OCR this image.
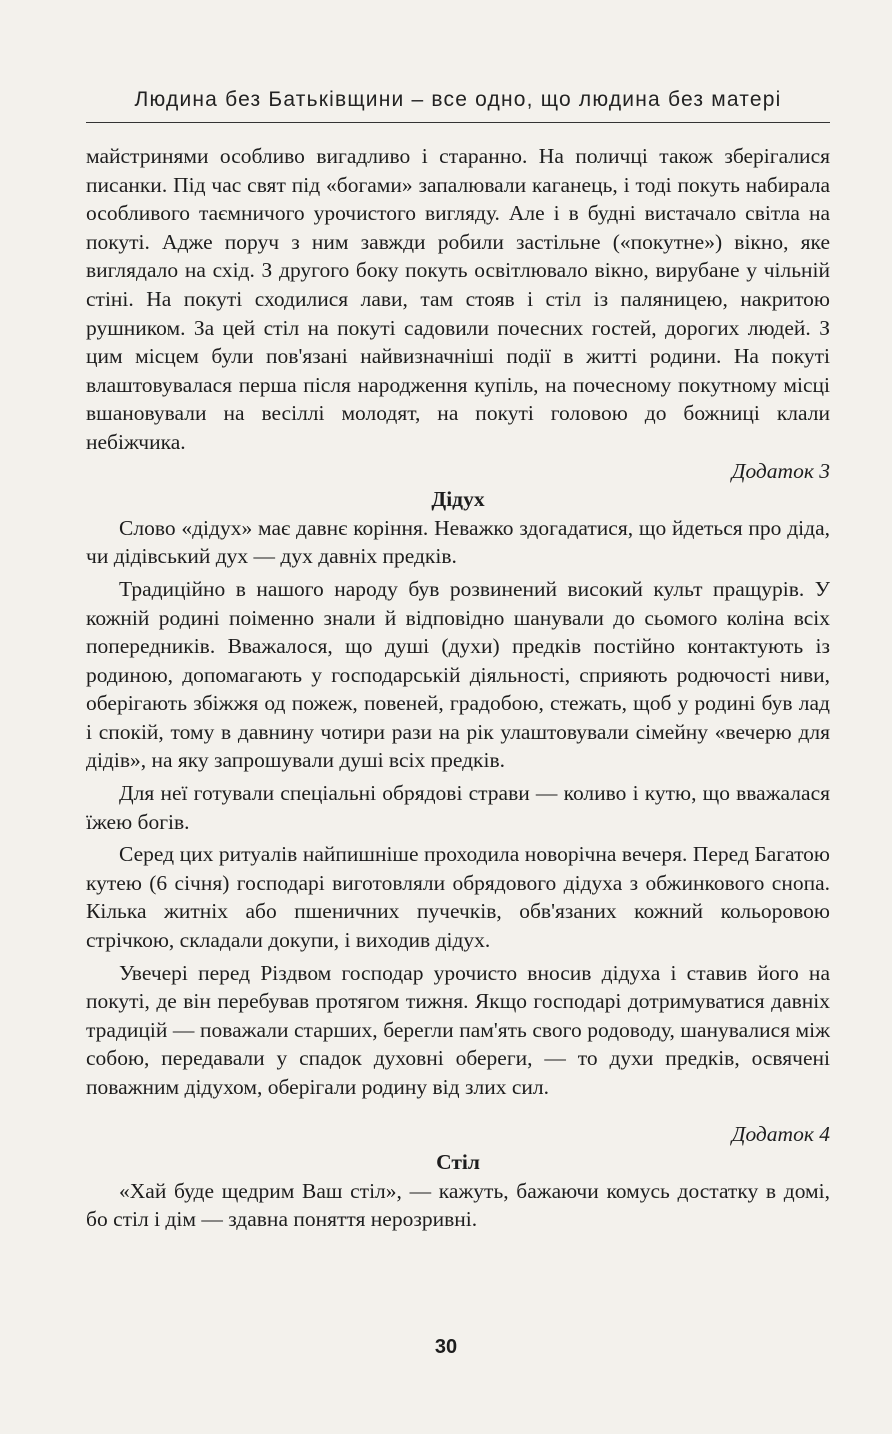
Людина без Батьківщини – все одно, що людина без матері

майстринями особливо вигадливо і старанно. На поличці також зберігалися писанки. Під час свят під «богами» запалювали каганець, і тоді покуть набирала особливого таємничого урочистого вигляду. Але і в будні вистачало світла на покуті. Адже поруч з ним завжди робили застільне («покутне») вікно, яке виглядало на схід. З другого боку покуть освітлювало вікно, вирубане у чільній стіні. На покуті сходилися лави, там стояв і стіл із паляницею, накритою рушником. За цей стіл на покуті садовили почесних гостей, дорогих людей. З цим місцем були пов'язані найвизначніші події в житті родини. На покуті влаштовувалася перша після народження купіль, на почесному покутному місці вшановували на весіллі молодят, на покуті головою до божниці клали небіжчика.

Додаток 3

Дідух

Слово «дідух» має давнє коріння. Неважко здогадатися, що йдеться про діда, чи дідівський дух — дух давніх предків.

Традиційно в нашого народу був розвинений високий культ пращурів. У кожній родині поіменно знали й відповідно шанували до сьомого коліна всіх попередників. Вважалося, що душі (духи) предків постійно контактують із родиною, допомагають у господарській діяльності, сприяють родючості ниви, оберігають збіжжя од пожеж, повеней, градобою, стежать, щоб у родині був лад і спокій, тому в давнину чотири рази на рік улаштовували сімейну «вечерю для дідів», на яку запрошували душі всіх предків.

Для неї готували спеціальні обрядові страви — коливо і кутю, що вважалася їжею богів.

Серед цих ритуалів найпишніше проходила новорічна вечеря. Перед Багатою кутею (6 січня) господарі виготовляли обрядового дідуха з обжинкового снопа. Кілька житніх або пшеничних пучечків, обв'язаних кожний кольоровою стрічкою, складали докупи, і виходив дідух.

Увечері перед Різдвом господар урочисто вносив дідуха і ставив його на покуті, де він перебував протягом тижня. Якщо господарі дотримуватися давніх традицій — поважали старших, берегли пам'ять свого родоводу, шанувалися між собою, передавали у спадок духовні обереги, — то духи предків, освячені поважним дідухом, оберігали родину від злих сил.

Додаток 4

Стіл

«Хай буде щедрим Ваш стіл», — кажуть, бажаючи комусь достатку в домі, бо стіл і дім — здавна поняття нерозривні.

30
